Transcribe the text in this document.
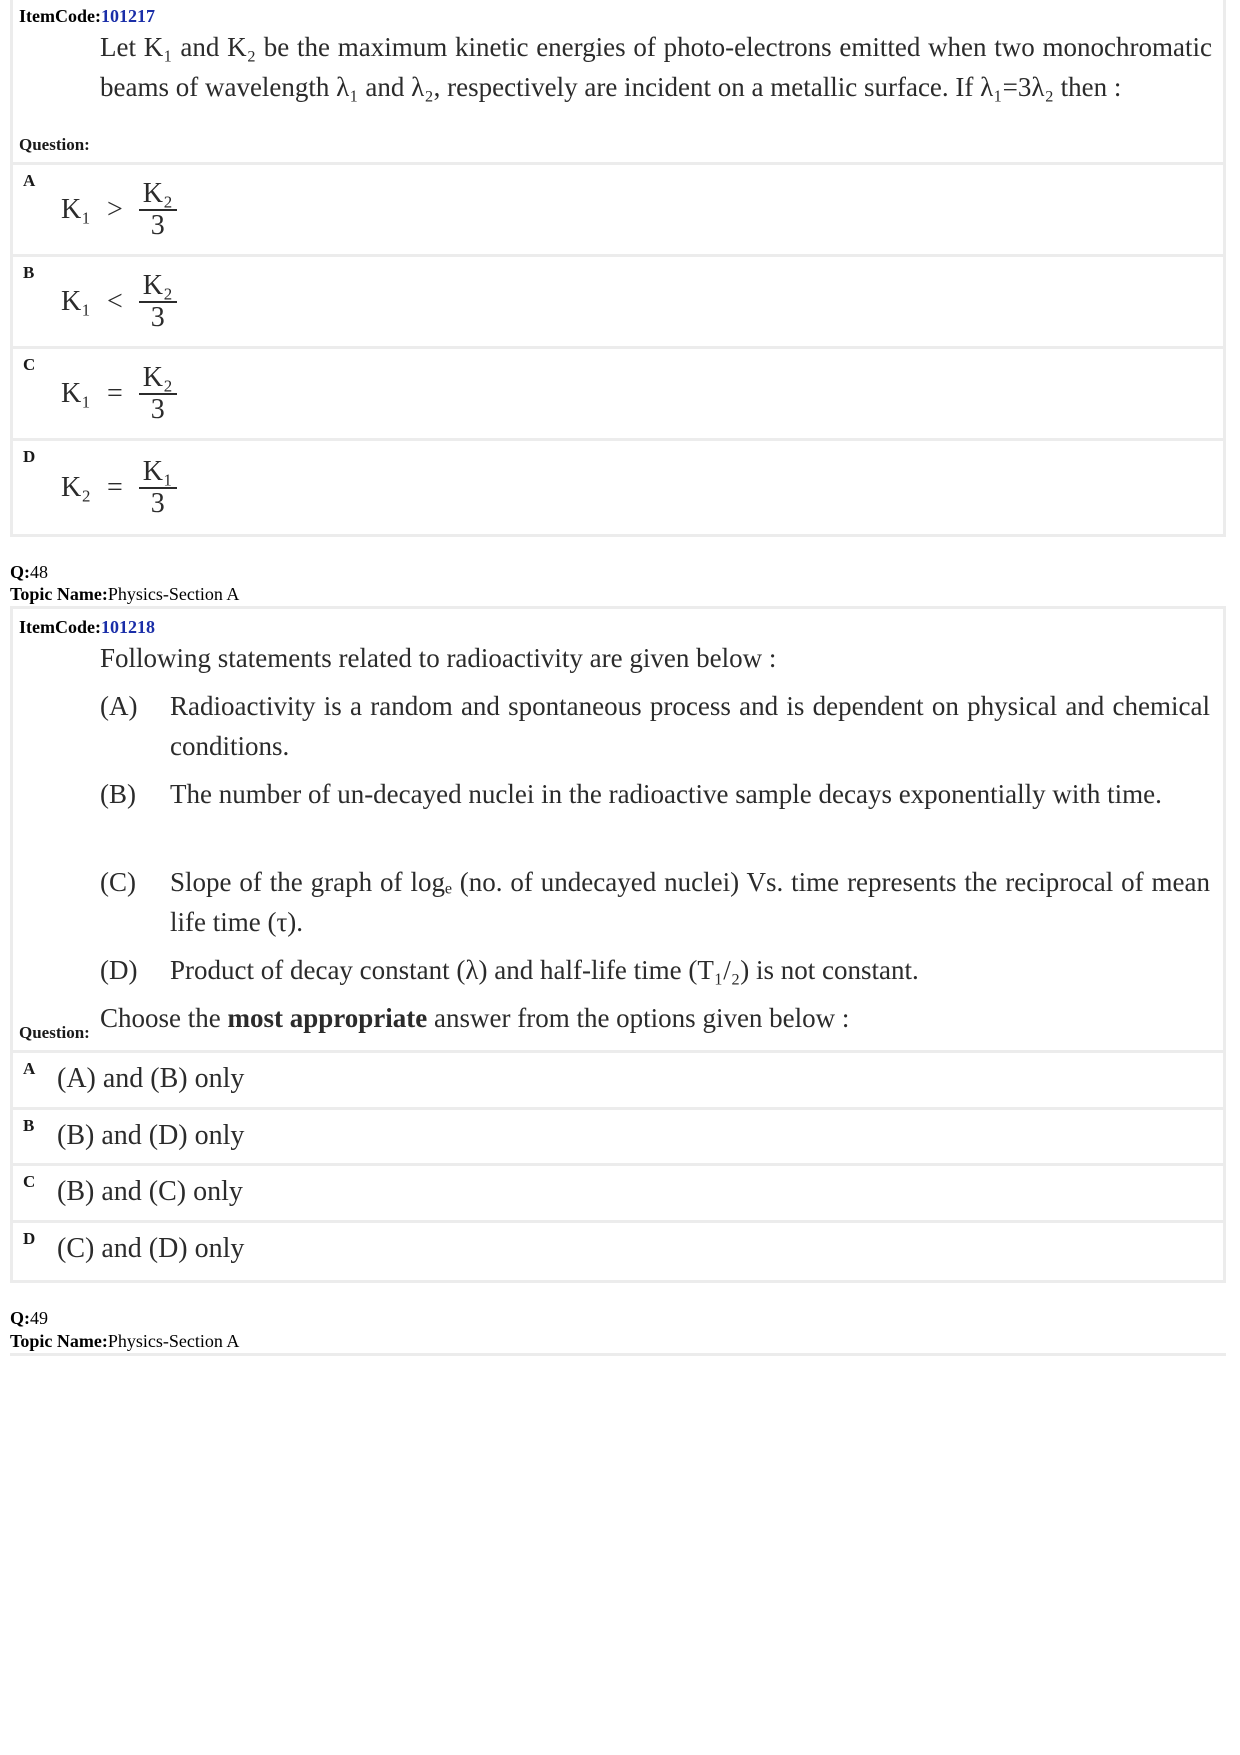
ItemCode:101217
Let K₁ and K₂ be the maximum kinetic energies of photo-electrons emitted when two monochromatic beams of wavelength λ₁ and λ₂, respectively are incident on a metallic surface. If λ₁=3λ₂ then :
Question:
A
$K_1 > \frac{\text{K₂}}{3}$
B
$K_1 < \frac{\text{K₂}}{3}$
C
$K_1 = \frac{\text{K₂}}{3}$
D
$K_2 = \frac{\text{K₁}}{3}$
Q:48
Topic Name:Physics-Section A
ItemCode:101218
Following statements related to radioactivity are given below :
(A) Radioactivity is a random and spontaneous process and is dependent on physical and chemical conditions.
(B) The number of un-decayed nuclei in the radioactive sample decays exponentially with time.
(C) Slope of the graph of logₑ (no. of undecayed nuclei) Vs. time represents the reciprocal of mean life time (τ).
(D) Product of decay constant (λ) and half-life time (T₁/₂) is not constant.
Choose the most appropriate answer from the options given below :
Question:
A (A) and (B) only
B (B) and (D) only
C (B) and (C) only
D (C) and (D) only
Q:49
Topic Name:Physics-Section A
